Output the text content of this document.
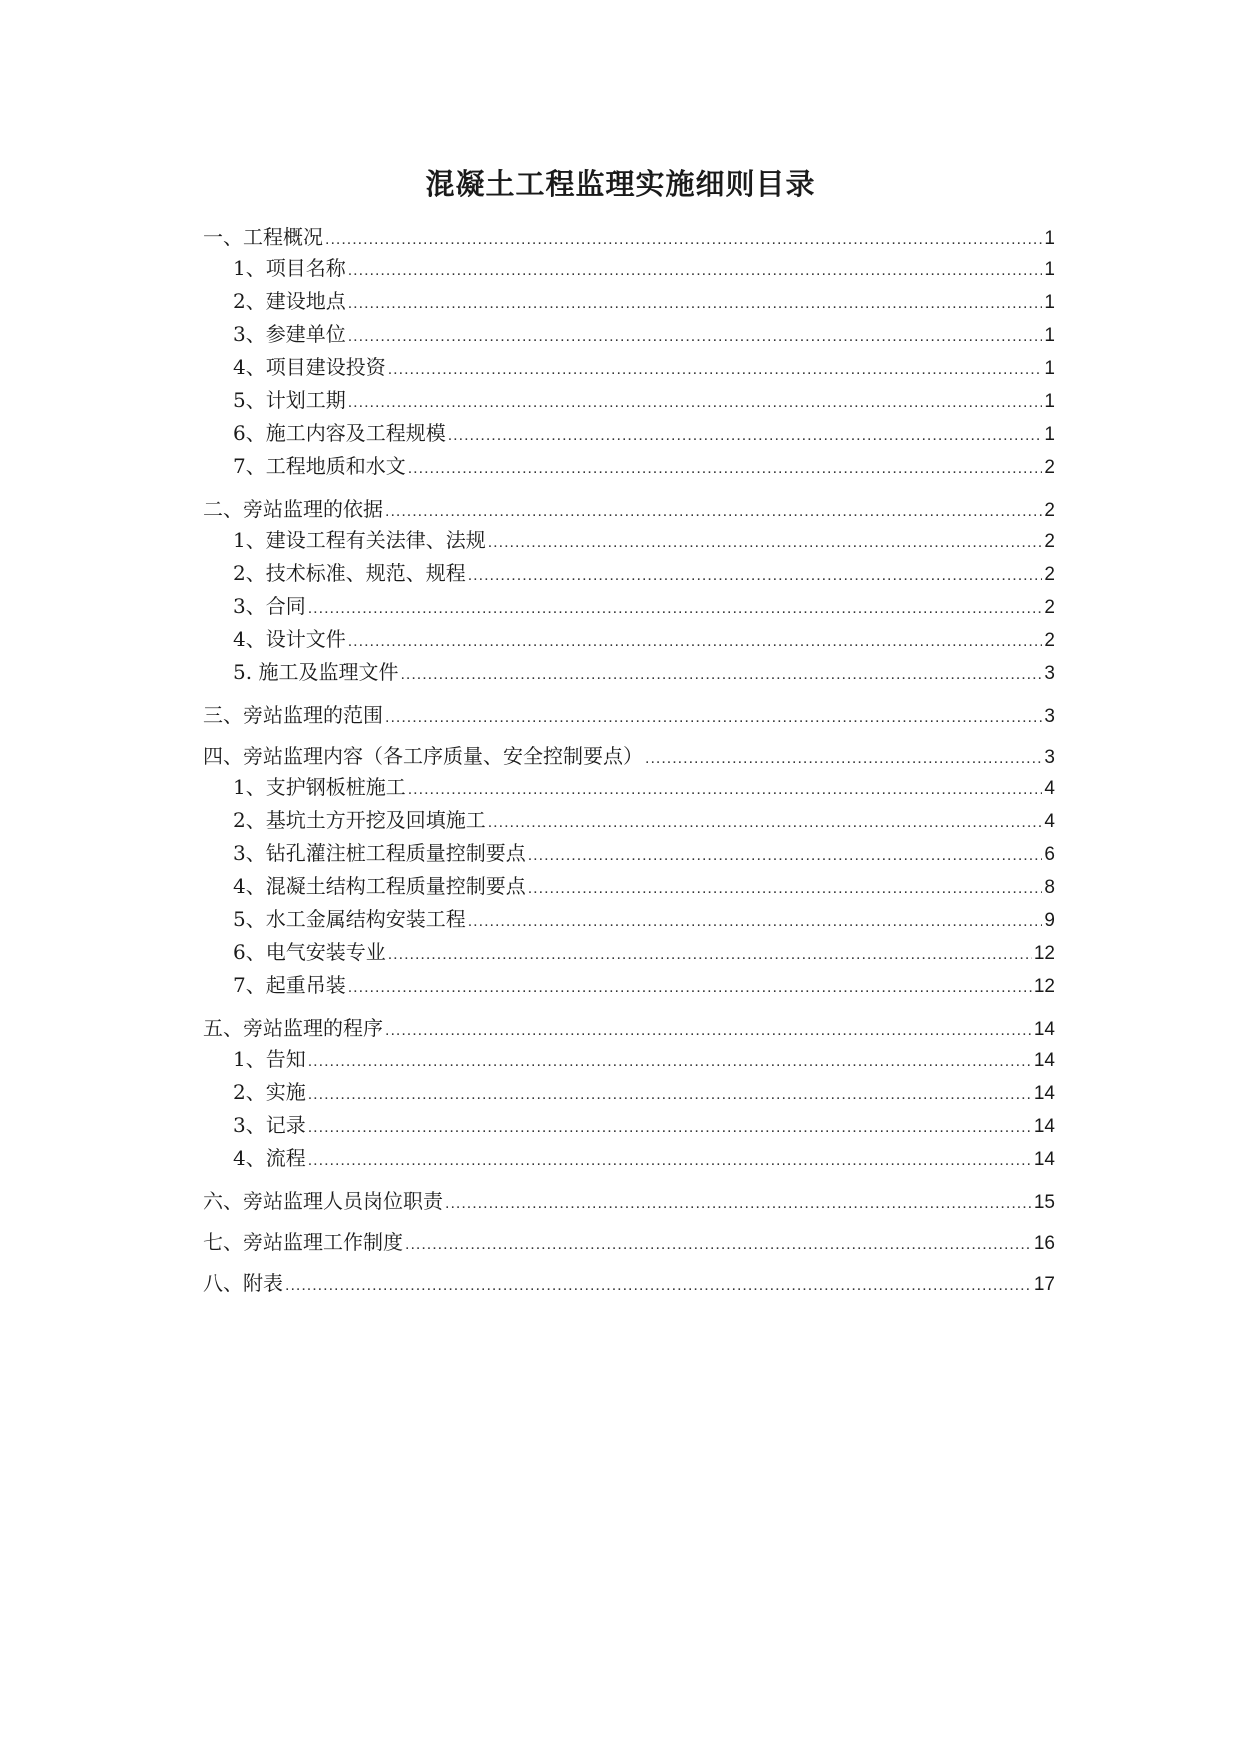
混凝土工程监理实施细则目录
一、 工程概况 .....	1
1、 项目名称 .....	1
2、 建设地点 .....	1
3、 参建单位 .....	1
4、 项目建设投资 .....	1
5、 计划工期 .....	1
6、 施工内容及工程规模 .....	1
7、 工程地质和水文 .....	2
二、 旁站监理的依据 .....	2
1、 建设工程有关法律、法规 .....	2
2、 技术标准、规范、规程 .....	2
3、 合同 .....	2
4、 设计文件 .....	2
5. 施工及监理文件 .....	3
三、 旁站监理的范围 .....	3
四、 旁站监理内容（各工序质量、安全控制要点） .....	3
1、 支护钢板桩施工 .....	4
2、 基坑土方开挖及回填施工 .....	4
3、 钻孔灌注桩工程质量控制要点 .....	6
4、 混凝土结构工程质量控制要点 .....	8
5、 水工金属结构安装工程 .....	9
6、 电气安装专业 .....	12
7、 起重吊装 .....	12
五、 旁站监理的程序 .....	14
1、 告知 .....	14
2、 实施 .....	14
3、 记录 .....	14
4、 流程 .....	14
六、 旁站监理人员岗位职责 .....	15
七、 旁站监理工作制度 .....	16
八、 附表 .....	17
